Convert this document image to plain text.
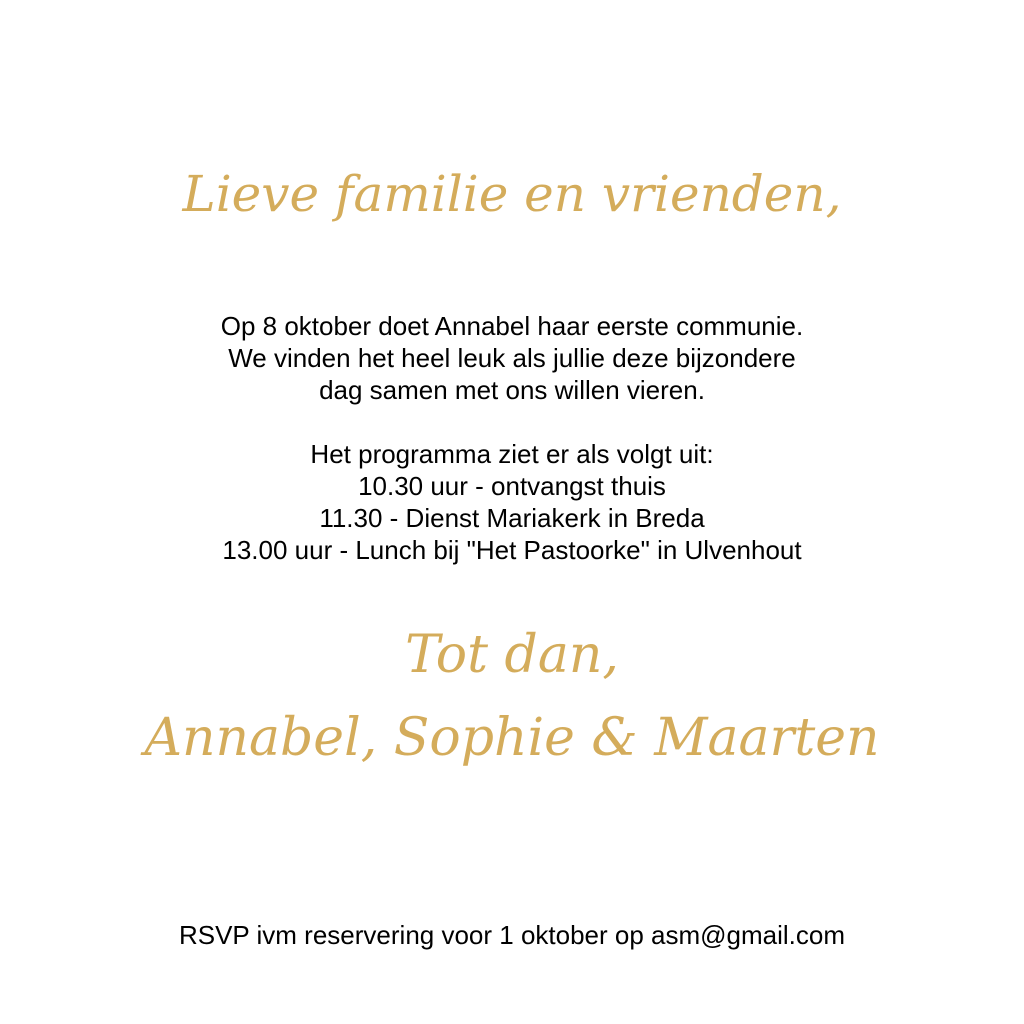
Lieve familie en vrienden,
Op 8 oktober doet Annabel haar eerste communie.
We vinden het heel leuk als jullie deze bijzondere
dag samen met ons willen vieren.
Het programma ziet er als volgt uit:
10.30 uur - ontvangst thuis
11.30 - Dienst Mariakerk in Breda
13.00 uur - Lunch bij "Het Pastoorke" in Ulvenhout
Tot dan,
Annabel, Sophie & Maarten
RSVP ivm reservering voor 1 oktober op asm@gmail.com
